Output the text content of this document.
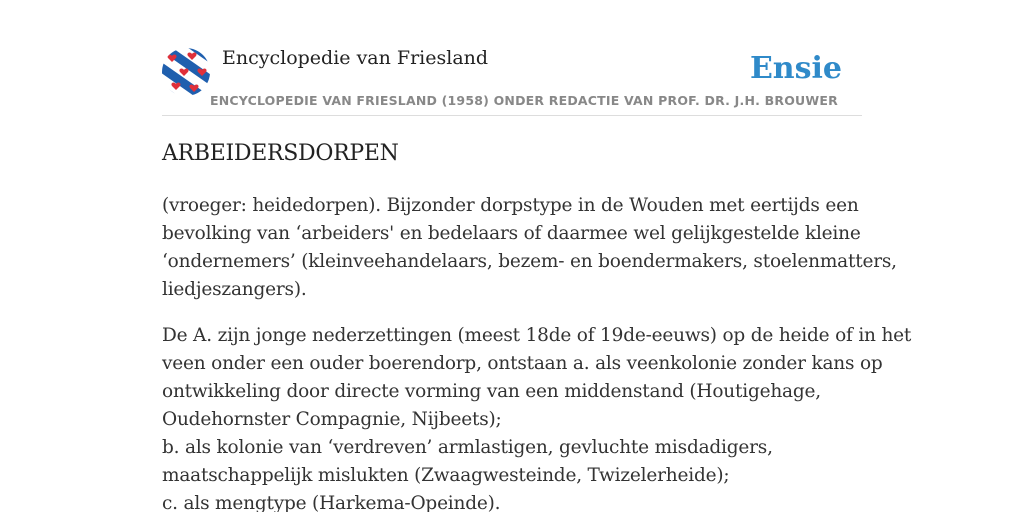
Encyclopedie van Friesland
ENCYCLOPEDIE VAN FRIESLAND (1958) ONDER REDACTIE VAN PROF. DR. J.H. BROUWER
Ensie
ARBEIDERSDORPEN

(vroeger: heidedorpen). Bijzonder dorpstype in de Wouden met eertijds een
bevolking van ‘arbeiders' en bedelaars of daarmee wel gelijkgestelde kleine
‘ondernemers’ (kleinveehandelaars, bezem- en boendermakers, stoelenmatters,
liedjeszangers).

De A. zijn jonge nederzettingen (meest 18de of 19de-eeuws) op de heide of in het
veen onder een ouder boerendorp, ontstaan a. als veenkolonie zonder kans op
ontwikkeling door directe vorming van een middenstand (Houtigehage,
Oudehornster Compagnie, Nijbeets);
b. als kolonie van ‘verdreven’ armlastigen, gevluchte misdadigers,
maatschappelijk mislukten (Zwaagwesteinde, Twizelerheide);
c. als mengtype (Harkema-Opeinde).
